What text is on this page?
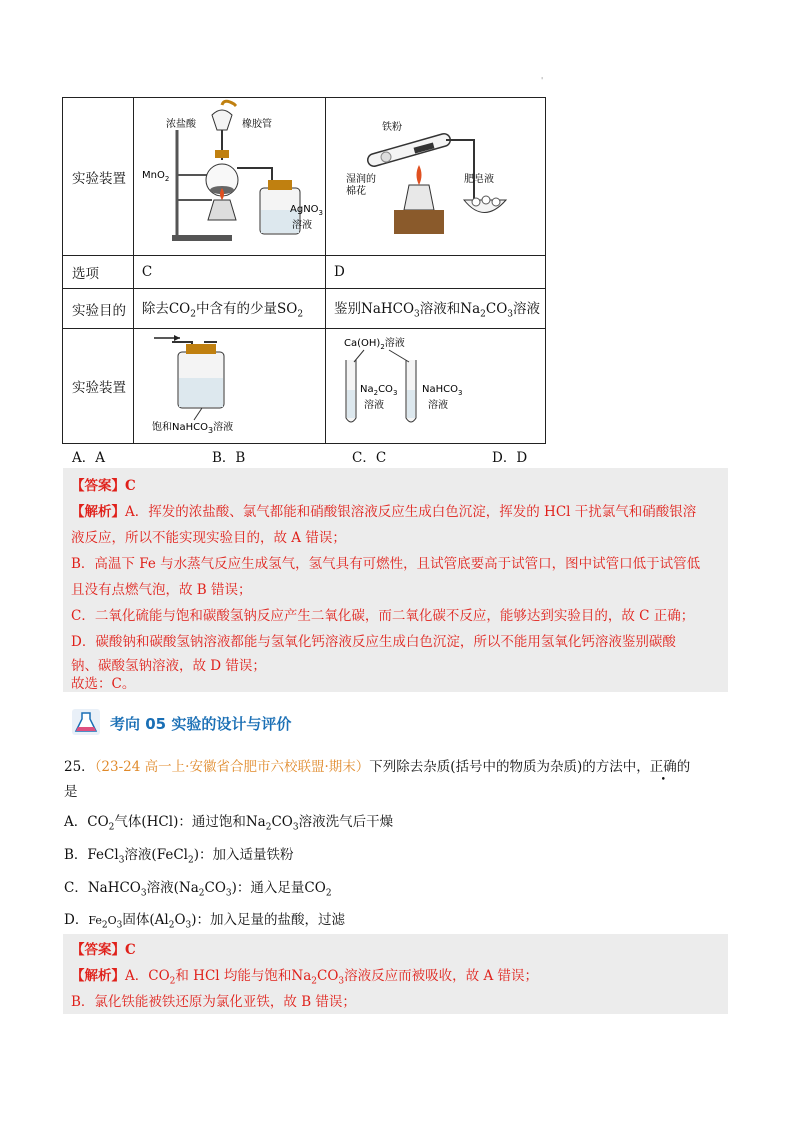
'
实验装置	浓盐酸 橡胶管
MnO$_2$
AgNO$_3$
溶液	铁粉
湿润的
棉花
肥皂液

选项	C	D
实验目的	除去$CO_2$中含有的少量$SO_2$	鉴别NaHCO$_3$溶液和$Na_2CO_3$溶液
实验装置	饱和NaHCO$_3$溶液	$Ca(OH)_2$溶液
$Na_2CO_3$
溶液
NaHCO$_3$
溶液
A．A	B．B	C．C	D．D
【答案】C
【解析】A．挥发的浓盐酸、氯气都能和硝酸银溶液反应生成白色沉淀，挥发的 HCl 干扰氯气和硝酸银溶
液反应，所以不能实现实验目的，故 A 错误；
B．高温下 Fe 与水蒸气反应生成氢气，氢气具有可燃性，且试管底要高于试管口，图中试管口低于试管低
且没有点燃气泡，故 B 错误；
C．二氧化硫能与饱和碳酸氢钠反应产生二氧化碳，而二氧化碳不反应，能够达到实验目的，故 C 正确；
D．碳酸钠和碳酸氢钠溶液都能与氢氧化钙溶液反应生成白色沉淀，所以不能用氢氧化钙溶液鉴别碳酸
钠、碳酸氢钠溶液，故 D 错误；
故选：C。
考向 05 实验的设计与评价
25．（23-24 高一上·安徽省合肥市六校联盟·期末）下列除去杂质(括号中的物质为杂质)的方法中，正确的
是
A．$CO_2$气体(HCl)：通过饱和$Na_2CO_3$溶液洗气后干燥
B．FeCl$_3$溶液(FeCl$_2$)：加入适量铁粉
C．NaHCO$_3$溶液$(Na_2CO_3)$：通入足量$CO_2$
D．$Fe_2O_3$固体$(Al_2O_3)$：加入足量的盐酸，过滤
【答案】C
【解析】A．$CO_2$和 HCl 均能与饱和$Na_2CO_3$溶液反应而被吸收，故 A 错误；
B．氯化铁能被铁还原为氯化亚铁，故 B 错误；
